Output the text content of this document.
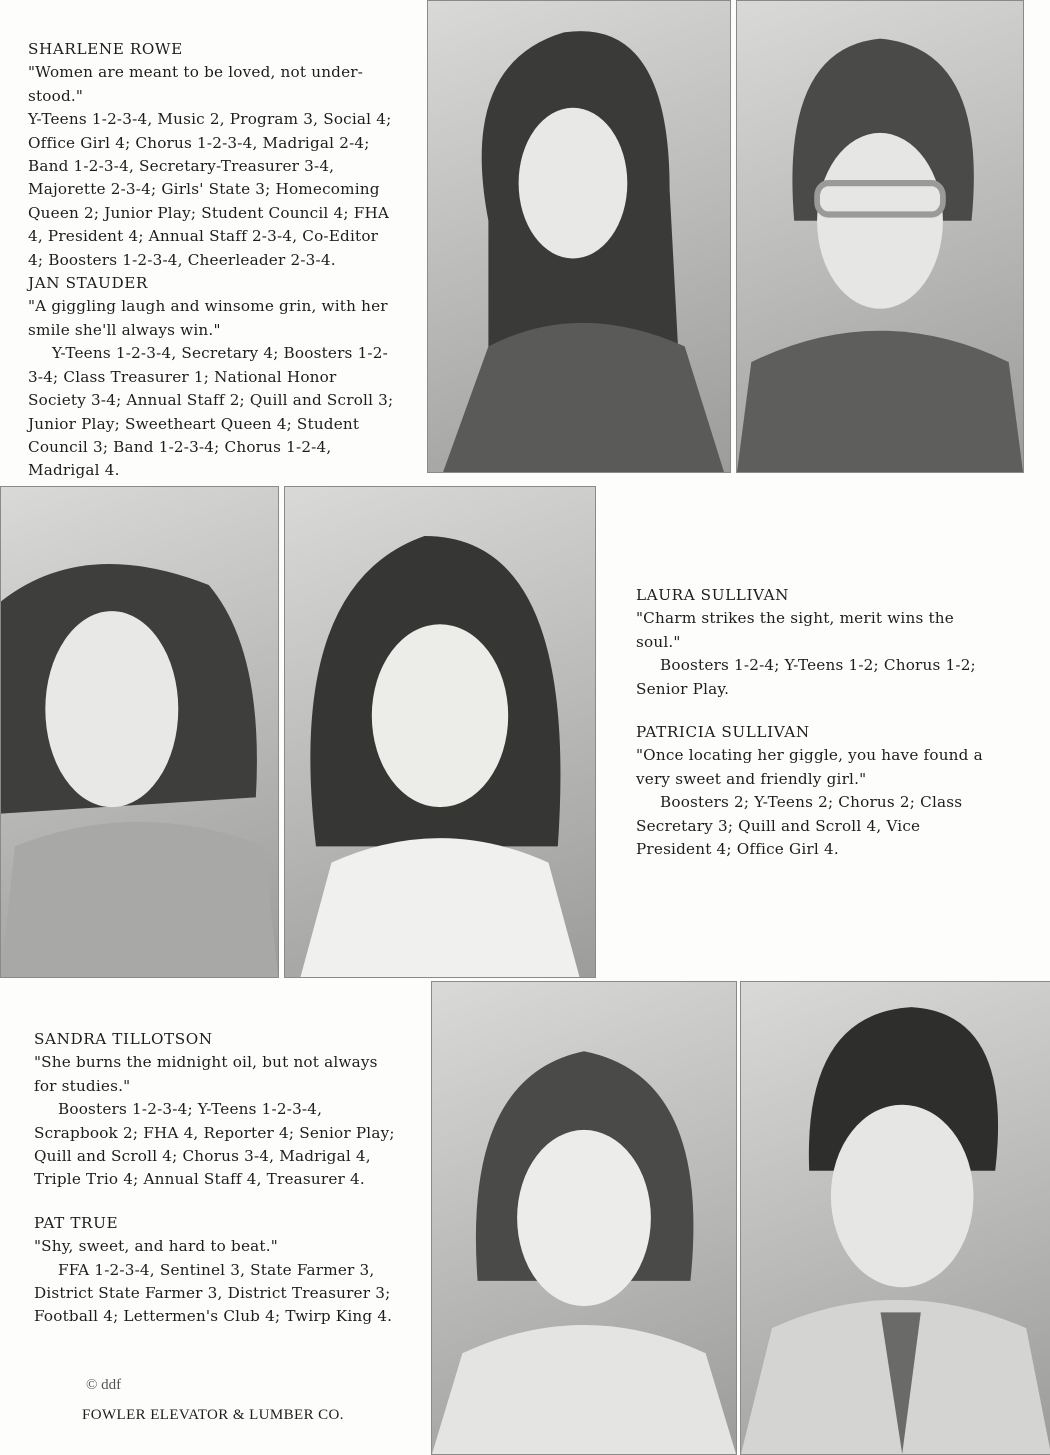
SHARLENE ROWE

"Women are meant to be loved, not under-stood."

Y-Teens 1-2-3-4, Music 2, Program 3, Social 4; Office Girl 4; Chorus 1-2-3-4, Madrigal 2-4; Band 1-2-3-4, Secretary-Treasurer 3-4, Majorette 2-3-4; Girls' State 3; Homecoming Queen 2; Junior Play; Student Council 4; FHA 4, President 4; Annual Staff 2-3-4, Co-Editor 4; Boosters 1-2-3-4, Cheerleader 2-3-4.

JAN STAUDER

"A giggling laugh and winsome grin, with her smile she'll always win."

Y-Teens 1-2-3-4, Secretary 4; Boosters 1-2-3-4; Class Treasurer 1; National Honor Society 3-4; Annual Staff 2; Quill and Scroll 3; Junior Play; Sweetheart Queen 4; Student Council 3; Band 1-2-3-4; Chorus 1-2-4, Madrigal 4.

LAURA SULLIVAN

"Charm strikes the sight, merit wins the soul."

Boosters 1-2-4; Y-Teens 1-2; Chorus 1-2; Senior Play.

PATRICIA SULLIVAN

"Once locating her giggle, you have found a very sweet and friendly girl."

Boosters 2; Y-Teens 2; Chorus 2; Class Secretary 3; Quill and Scroll 4, Vice President 4; Office Girl 4.

SANDRA TILLOTSON

"She burns the midnight oil, but not always for studies."

Boosters 1-2-3-4; Y-Teens 1-2-3-4, Scrapbook 2; FHA 4, Reporter 4; Senior Play; Quill and Scroll 4; Chorus 3-4, Madrigal 4, Triple Trio 4; Annual Staff 4, Treasurer 4.

PAT TRUE

"Shy, sweet, and hard to beat."

FFA 1-2-3-4, Sentinel 3, State Farmer 3, District State Farmer 3, District Treasurer 3; Football 4; Lettermen's Club 4; Twirp King 4.

© ddf
FOWLER ELEVATOR & LUMBER CO.
